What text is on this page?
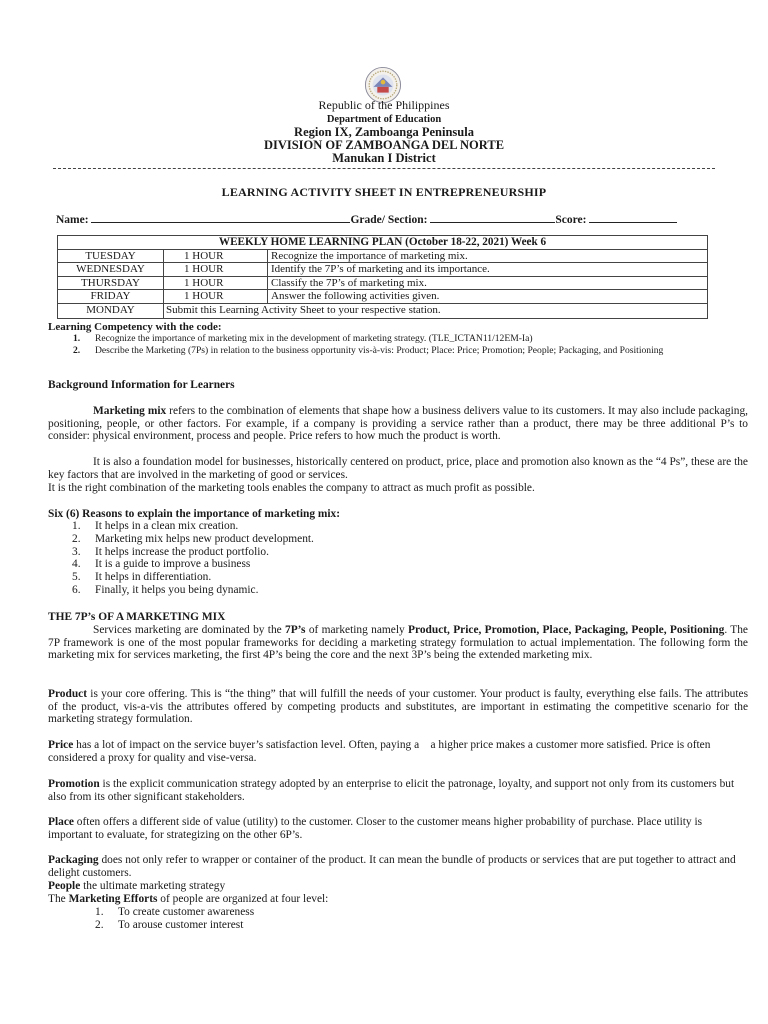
Republic of the Philippines
Department of Education
Region IX, Zamboanga Peninsula
DIVISION OF ZAMBOANGA DEL NORTE
Manukan I District
LEARNING ACTIVITY SHEET IN ENTREPRENEURSHIP
Name:	Grade/ Section:	Score:
WEEKLY HOME LEARNING PLAN (October 18-22, 2021) Week 6		
TUESDAY	1 HOUR	Recognize the importance of marketing mix.
WEDNESDAY	1 HOUR	Identify the 7P’s of marketing and its importance.
THURSDAY	1 HOUR	Classify the 7P’s of marketing mix.
FRIDAY	1 HOUR	Answer the following activities given.
MONDAY	Submit this Learning Activity Sheet to your respective station.	
Learning Competency with the code:
1. Recognize the importance of marketing mix in the development of marketing strategy. (TLE_ICTAN11/12EM-Ia)
2. Describe the Marketing (7Ps) in relation to the business opportunity vis-à-vis: Product; Place: Price; Promotion; People; Packaging, and Positioning
Background Information for Learners
Marketing mix refers to the combination of elements that shape how a business delivers value to its customers. It may also include packaging, positioning, people, or other factors. For example, if a company is providing a service rather than a product, there may be three additional P’s to consider: physical environment, process and people. Price refers to how much the product is worth.
It is also a foundation model for businesses, historically centered on product, price, place and promotion also known as the “4 Ps”, these are the key factors that are involved in the marketing of good or services.
It is the right combination of the marketing tools enables the company to attract as much profit as possible.
Six (6) Reasons to explain the importance of marketing mix:
1. It helps in a clean mix creation.
2. Marketing mix helps new product development.
3. It helps increase the product portfolio.
4. It is a guide to improve a business
5. It helps in differentiation.
6. Finally, it helps you being dynamic.
THE 7P’s OF A MARKETING MIX
Services marketing are dominated by the 7P’s of marketing namely Product, Price, Promotion, Place, Packaging, People, Positioning. The 7P framework is one of the most popular frameworks for deciding a marketing strategy formulation to actual implementation. The following form the marketing mix for services marketing, the first 4P’s being the core and the next 3P’s being the extended marketing mix.
Product is your core offering. This is “the thing” that will fulfill the needs of your customer. Your product is faulty, everything else fails. The attributes of the product, vis-a-vis the attributes offered by competing products and substitutes, are important in estimating the competitive scenario for the marketing strategy formulation.
Price has a lot of impact on the service buyer’s satisfaction level. Often, paying a    a higher price makes a customer more satisfied. Price is often considered a proxy for quality and vise-versa.
Promotion is the explicit communication strategy adopted by an enterprise to elicit the patronage, loyalty, and support not only from its customers but also from its other significant stakeholders.
Place often offers a different side of value (utility) to the customer. Closer to the customer means higher probability of purchase. Place utility is important to evaluate, for strategizing on the other 6P’s.
Packaging does not only refer to wrapper or container of the product. It can mean the bundle of products or services that are put together to attract and delight customers.
People the ultimate marketing strategy
The Marketing Efforts of people are organized at four level:
1. To create customer awareness
2. To arouse customer interest
